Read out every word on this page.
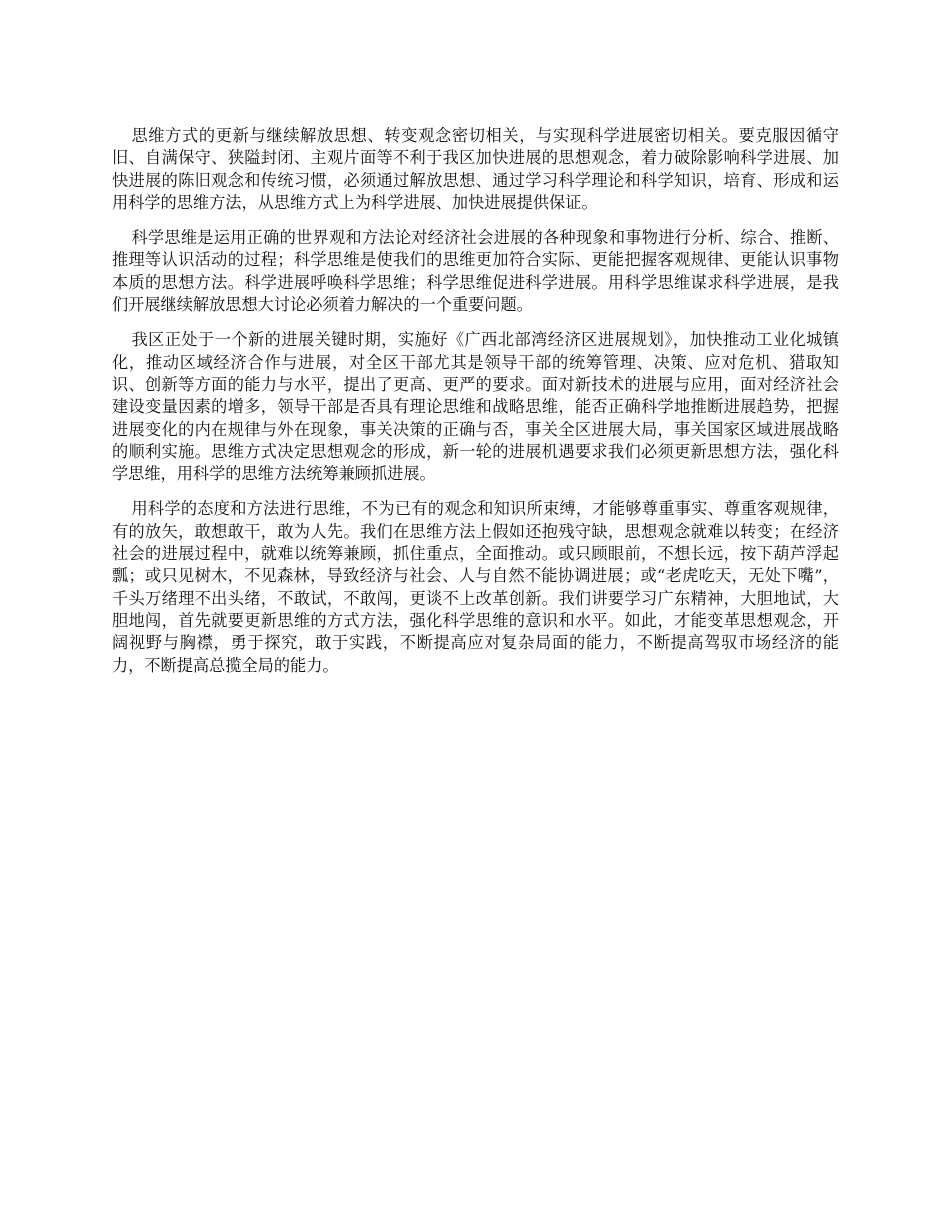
思维方式的更新与继续解放思想、转变观念密切相关，与实现科学进展密切相关。要克服因循守旧、自满保守、狭隘封闭、主观片面等不利于我区加快进展的思想观念，着力破除影响科学进展、加快进展的陈旧观念和传统习惯，必须通过解放思想、通过学习科学理论和科学知识，培育、形成和运用科学的思维方法，从思维方式上为科学进展、加快进展提供保证。

科学思维是运用正确的世界观和方法论对经济社会进展的各种现象和事物进行分析、综合、推断、推理等认识活动的过程；科学思维是使我们的思维更加符合实际、更能把握客观规律、更能认识事物本质的思想方法。科学进展呼唤科学思维；科学思维促进科学进展。用科学思维谋求科学进展，是我们开展继续解放思想大讨论必须着力解决的一个重要问题。

我区正处于一个新的进展关键时期，实施好《广西北部湾经济区进展规划》，加快推动工业化城镇化，推动区域经济合作与进展，对全区干部尤其是领导干部的统筹管理、决策、应对危机、猎取知识、创新等方面的能力与水平，提出了更高、更严的要求。面对新技术的进展与应用，面对经济社会建设变量因素的增多，领导干部是否具有理论思维和战略思维，能否正确科学地推断进展趋势，把握进展变化的内在规律与外在现象，事关决策的正确与否，事关全区进展大局，事关国家区域进展战略的顺利实施。思维方式决定思想观念的形成，新一轮的进展机遇要求我们必须更新思想方法，强化科学思维，用科学的思维方法统筹兼顾抓进展。

用科学的态度和方法进行思维，不为已有的观念和知识所束缚，才能够尊重事实、尊重客观规律，有的放矢，敢想敢干，敢为人先。我们在思维方法上假如还抱残守缺，思想观念就难以转变；在经济社会的进展过程中，就难以统筹兼顾，抓住重点，全面推动。或只顾眼前，不想长远，按下葫芦浮起瓢；或只见树木，不见森林，导致经济与社会、人与自然不能协调进展；或“老虎吃天，无处下嘴”，千头万绪理不出头绪，不敢试，不敢闯，更谈不上改革创新。我们讲要学习广东精神，大胆地试，大胆地闯，首先就要更新思维的方式方法，强化科学思维的意识和水平。如此，才能变革思想观念，开阔视野与胸襟，勇于探究，敢于实践，不断提高应对复杂局面的能力，不断提高驾驭市场经济的能力，不断提高总揽全局的能力。
